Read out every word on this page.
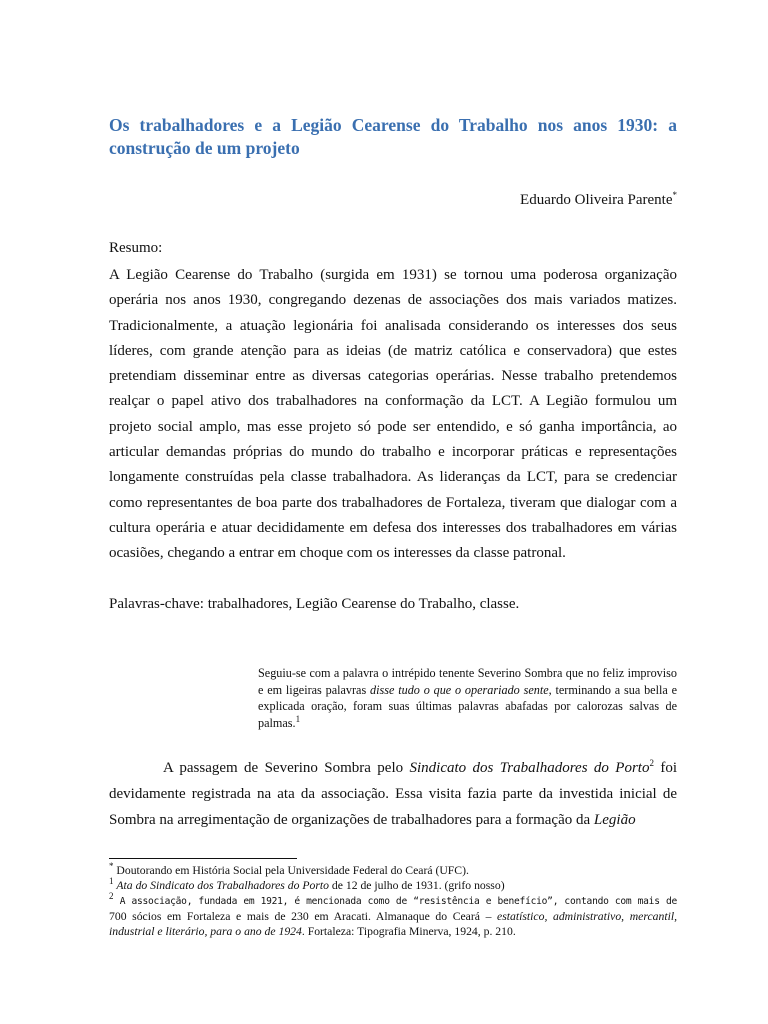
Os trabalhadores e a Legião Cearense do Trabalho nos anos 1930: a construção de um projeto
Eduardo Oliveira Parente*
Resumo:

A Legião Cearense do Trabalho (surgida em 1931) se tornou uma poderosa organização operária nos anos 1930, congregando dezenas de associações dos mais variados matizes. Tradicionalmente, a atuação legionária foi analisada considerando os interesses dos seus líderes, com grande atenção para as ideias (de matriz católica e conservadora) que estes pretendiam disseminar entre as diversas categorias operárias. Nesse trabalho pretendemos realçar o papel ativo dos trabalhadores na conformação da LCT. A Legião formulou um projeto social amplo, mas esse projeto só pode ser entendido, e só ganha importância, ao articular demandas próprias do mundo do trabalho e incorporar práticas e representações longamente construídas pela classe trabalhadora. As lideranças da LCT, para se credenciar como representantes de boa parte dos trabalhadores de Fortaleza, tiveram que dialogar com a cultura operária e atuar decididamente em defesa dos interesses dos trabalhadores em várias ocasiões, chegando a entrar em choque com os interesses da classe patronal.

Palavras-chave: trabalhadores, Legião Cearense do Trabalho, classe.

Seguiu-se com a palavra o intrépido tenente Severino Sombra que no feliz improviso e em ligeiras palavras disse tudo o que o operariado sente, terminando a sua bella e explicada oração, foram suas últimas palavras abafadas por calorozas salvas de palmas.$^1$

A passagem de Severino Sombra pelo Sindicato dos Trabalhadores do Porto$^2$ foi devidamente registrada na ata da associação. Essa visita fazia parte da investida inicial de Sombra na arregimentação de organizações de trabalhadores para a formação da Legião

* Doutorando em História Social pela Universidade Federal do Ceará (UFC).

$^1$ Ata do Sindicato dos Trabalhadores do Porto de 12 de julho de 1931. (grifo nosso)

$^2$ A associação, fundada em 1921, é mencionada como de “resistência e benefício”, contando com mais de 700 sócios em Fortaleza e mais de 230 em Aracati. Almanaque do Ceará – estatístico, administrativo, mercantil, industrial e literário, para o ano de 1924. Fortaleza: Tipografia Minerva, 1924, p. 210.
